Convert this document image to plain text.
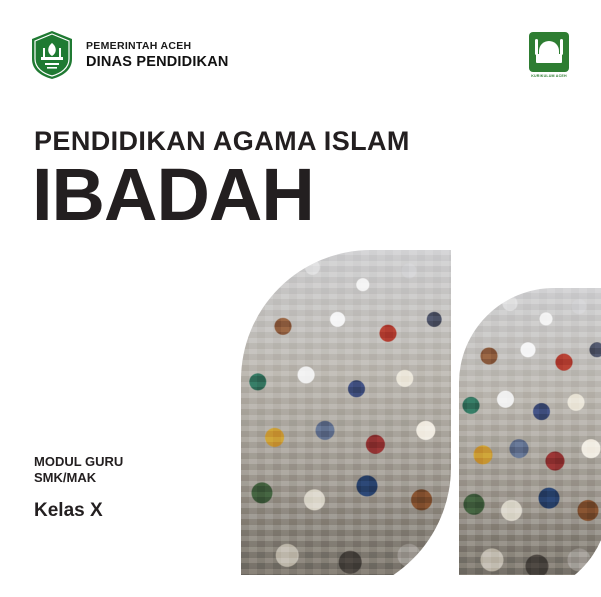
PEMERINTAH ACEH
DINAS PENDIDIKAN
KURIKULUM ACEH
PENDIDIKAN AGAMA ISLAM
IBADAH
MODUL GURU
SMK/MAK
Kelas X
